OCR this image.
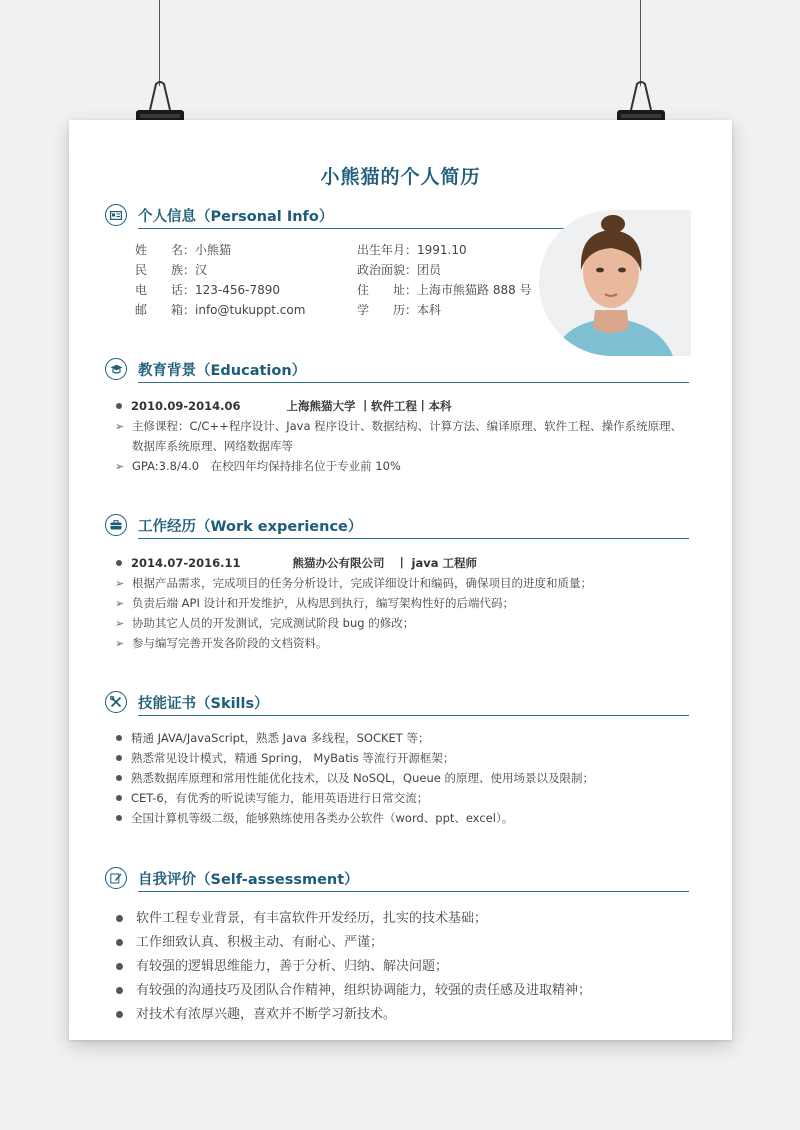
小熊猫的个人简历
个人信息（Personal Info）
姓　　名：小熊猫
民　　族：汉
电　　话：123-456-7890
邮　　箱：info@tukuppt.com
出生年月：1991.10
政治面貌：团员
住　　址：上海市熊猫路 888 号
学　　历：本科
教育背景（Education）
2010.09-2014.06	上海熊猫大学 丨软件工程丨本科
➢ 主修课程：C/C++程序设计、Java 程序设计、数据结构、计算方法、编译原理、软件工程、操作系统原理、
数据库系统原理、网络数据库等
➢ GPA:3.8/4.0　在校四年均保持排名位于专业前 10%
工作经历（Work experience）
2014.07-2016.11	熊猫办公有限公司　丨 java 工程师
➢ 根据产品需求，完成项目的任务分析设计，完成详细设计和编码，确保项目的进度和质量；
➢ 负责后端 API 设计和开发维护，从构思到执行，编写架构性好的后端代码；
➢ 协助其它人员的开发测试，完成测试阶段 bug 的修改；
➢ 参与编写完善开发各阶段的文档资料。
技能证书（Skills）
精通 JAVA/JavaScript，熟悉 Java 多线程，SOCKET 等；
熟悉常见设计模式，精通 Spring， MyBatis 等流行开源框架；
熟悉数据库原理和常用性能优化技术，以及 NoSQL，Queue 的原理、使用场景以及限制；
CET-6，有优秀的听说读写能力，能用英语进行日常交流；
全国计算机等级二级，能够熟练使用各类办公软件（word、ppt、excel）。
自我评价（Self-assessment）
软件工程专业背景，有丰富软件开发经历，扎实的技术基础；
工作细致认真、积极主动、有耐心、严谨；
有较强的逻辑思维能力，善于分析、归纳、解决问题；
有较强的沟通技巧及团队合作精神，组织协调能力，较强的责任感及进取精神；
对技术有浓厚兴趣，喜欢并不断学习新技术。
